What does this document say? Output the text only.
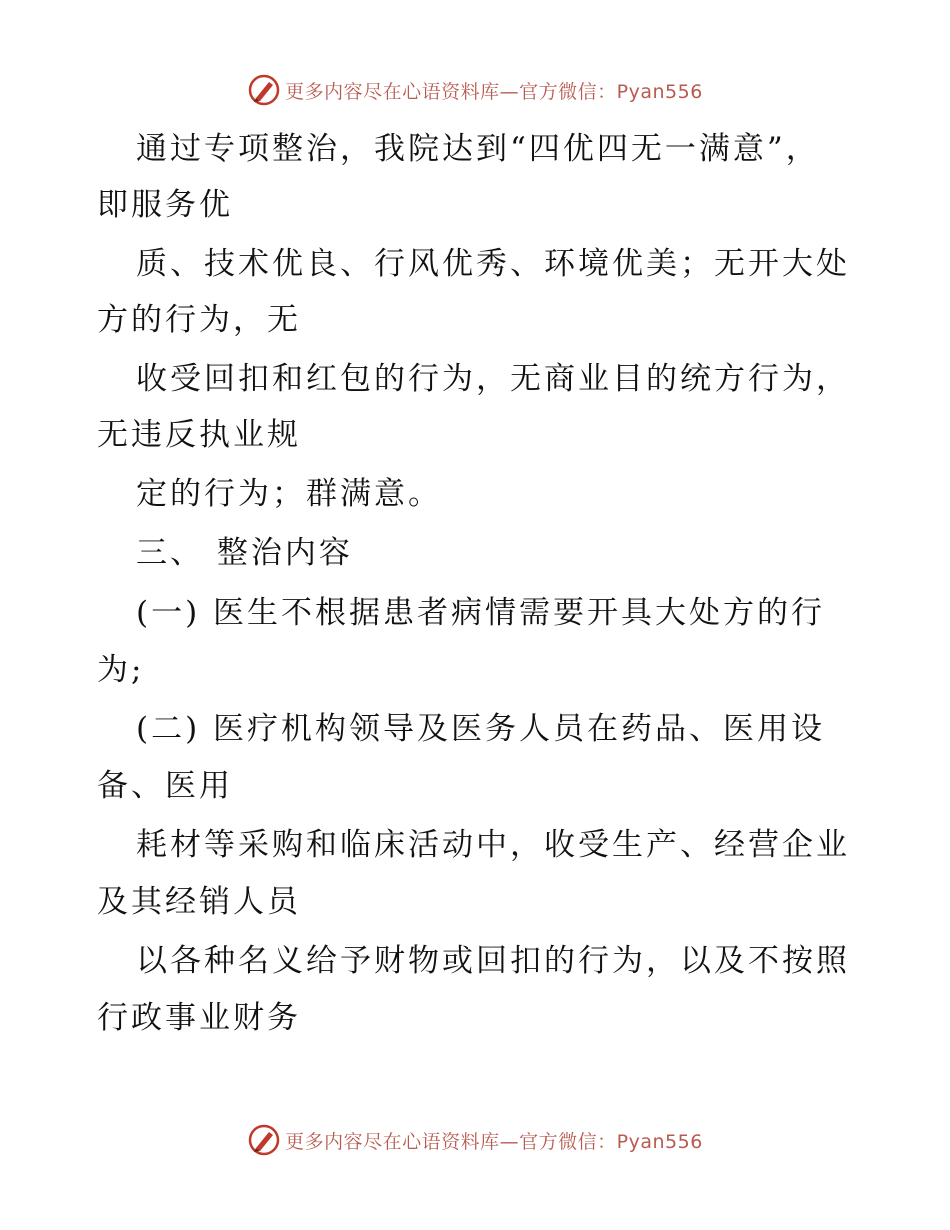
更多内容尽在心语资料库—官方微信：Pyan556
通过专项整治，我院达到“四优四无一满意”，
即服务优
质、技术优良、行风优秀、环境优美；无开大处
方的行为，无
收受回扣和红包的行为，无商业目的统方行为，
无违反执业规
定的行为；群满意。
三、 整治内容
(一) 医生不根据患者病情需要开具大处方的行
为;
(二) 医疗机构领导及医务人员在药品、医用设
备、医用
耗材等采购和临床活动中，收受生产、经营企业
及其经销人员
以各种名义给予财物或回扣的行为，以及不按照
行政事业财务
更多内容尽在心语资料库—官方微信：Pyan556
